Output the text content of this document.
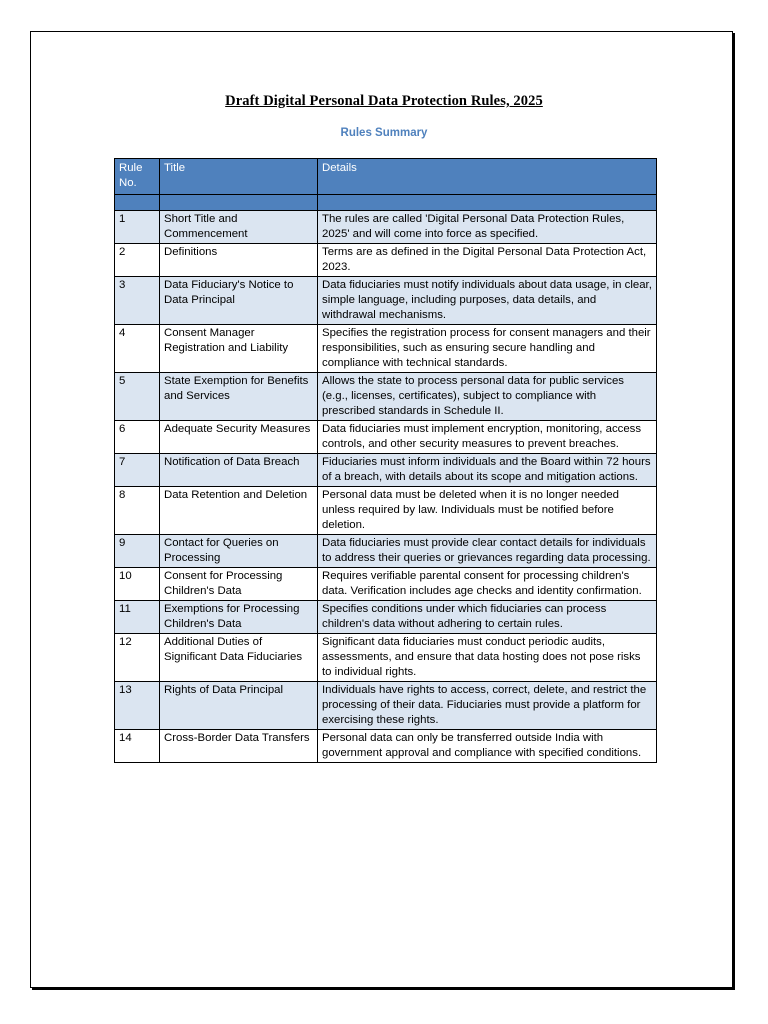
Draft Digital Personal Data Protection Rules, 2025
Rules Summary
Rule No.	Title	Details

1	Short Title and Commencement	The rules are called 'Digital Personal Data Protection Rules, 2025' and will come into force as specified.
2	Definitions	Terms are as defined in the Digital Personal Data Protection Act, 2023.
3	Data Fiduciary's Notice to Data Principal	Data fiduciaries must notify individuals about data usage, in clear, simple language, including purposes, data details, and withdrawal mechanisms.
4	Consent Manager Registration and Liability	Specifies the registration process for consent managers and their responsibilities, such as ensuring secure handling and compliance with technical standards.
5	State Exemption for Benefits and Services	Allows the state to process personal data for public services (e.g., licenses, certificates), subject to compliance with prescribed standards in Schedule II.
6	Adequate Security Measures	Data fiduciaries must implement encryption, monitoring, access controls, and other security measures to prevent breaches.
7	Notification of Data Breach	Fiduciaries must inform individuals and the Board within 72 hours of a breach, with details about its scope and mitigation actions.
8	Data Retention and Deletion	Personal data must be deleted when it is no longer needed unless required by law. Individuals must be notified before deletion.
9	Contact for Queries on Processing	Data fiduciaries must provide clear contact details for individuals to address their queries or grievances regarding data processing.
10	Consent for Processing Children's Data	Requires verifiable parental consent for processing children's data. Verification includes age checks and identity confirmation.
11	Exemptions for Processing Children's Data	Specifies conditions under which fiduciaries can process children's data without adhering to certain rules.
12	Additional Duties of Significant Data Fiduciaries	Significant data fiduciaries must conduct periodic audits, assessments, and ensure that data hosting does not pose risks to individual rights.
13	Rights of Data Principal	Individuals have rights to access, correct, delete, and restrict the processing of their data. Fiduciaries must provide a platform for exercising these rights.
14	Cross-Border Data Transfers	Personal data can only be transferred outside India with government approval and compliance with specified conditions.
